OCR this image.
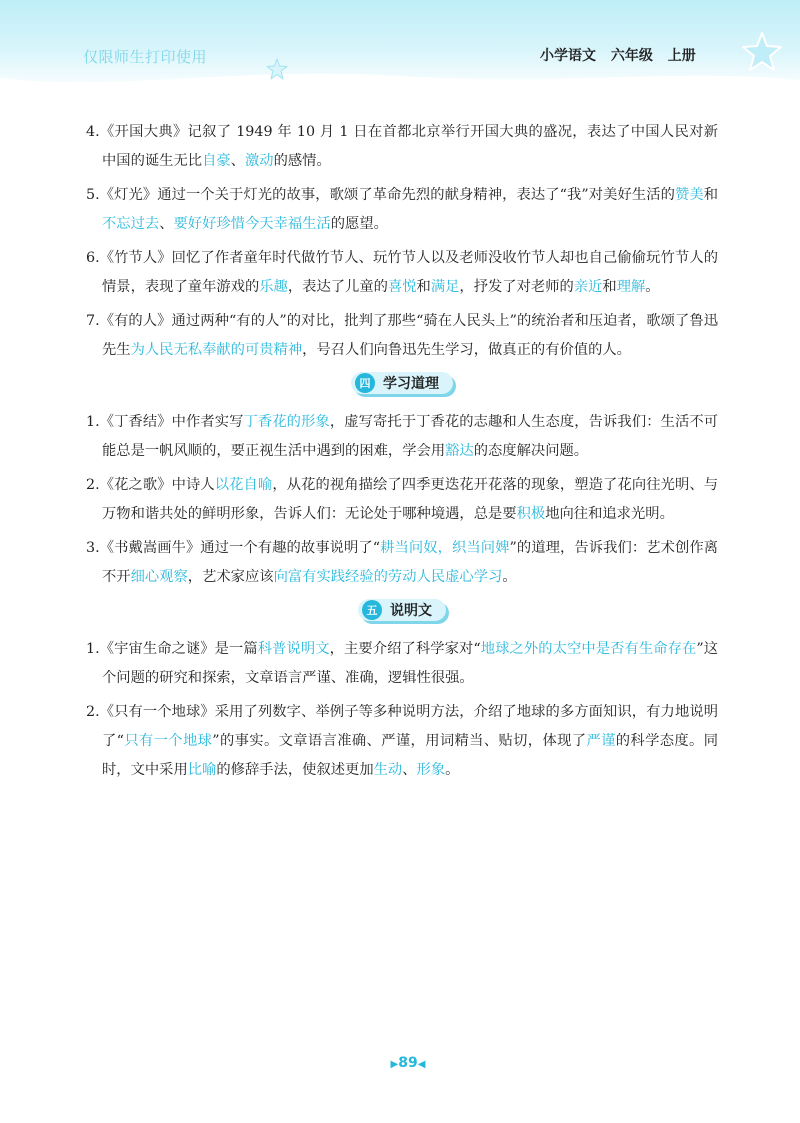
仅限师生打印使用	小学语文 六年级 上册

4.《开国大典》记叙了 1949 年 10 月 1 日在首都北京举行开国大典的盛况，表达了中国人民对新中国的诞生无比自豪、激动的感情。

5.《灯光》通过一个关于灯光的故事，歌颂了革命先烈的献身精神，表达了“我”对美好生活的赞美和不忘过去、要好好珍惜今天幸福生活的愿望。

6.《竹节人》回忆了作者童年时代做竹节人、玩竹节人以及老师没收竹节人却也自己偷偷玩竹节人的情景，表现了童年游戏的乐趣，表达了儿童的喜悦和满足，抒发了对老师的亲近和理解。

7.《有的人》通过两种“有的人”的对比，批判了那些“骑在人民头上”的统治者和压迫者，歌颂了鲁迅先生为人民无私奉献的可贵精神，号召人们向鲁迅先生学习，做真正的有价值的人。

四 学习道理

1.《丁香结》中作者实写丁香花的形象，虚写寄托于丁香花的志趣和人生态度，告诉我们：生活不可能总是一帆风顺的，要正视生活中遇到的困难，学会用豁达的态度解决问题。

2.《花之歌》中诗人以花自喻，从花的视角描绘了四季更迭花开花落的现象，塑造了花向往光明、与万物和谐共处的鲜明形象，告诉人们：无论处于哪种境遇，总是要积极地向往和追求光明。

3.《书戴嵩画牛》通过一个有趣的故事说明了“耕当问奴，织当问婢”的道理，告诉我们：艺术创作离不开细心观察，艺术家应该向富有实践经验的劳动人民虚心学习。

五 说明文

1.《宇宙生命之谜》是一篇科普说明文，主要介绍了科学家对“地球之外的太空中是否有生命存在”这个问题的研究和探索，文章语言严谨、准确，逻辑性很强。

2.《只有一个地球》采用了列数字、举例子等多种说明方法，介绍了地球的多方面知识，有力地说明了“只有一个地球”的事实。文章语言准确、严谨，用词精当、贴切，体现了严谨的科学态度。同时，文中采用比喻的修辞手法，使叙述更加生动、形象。

▶89◀
